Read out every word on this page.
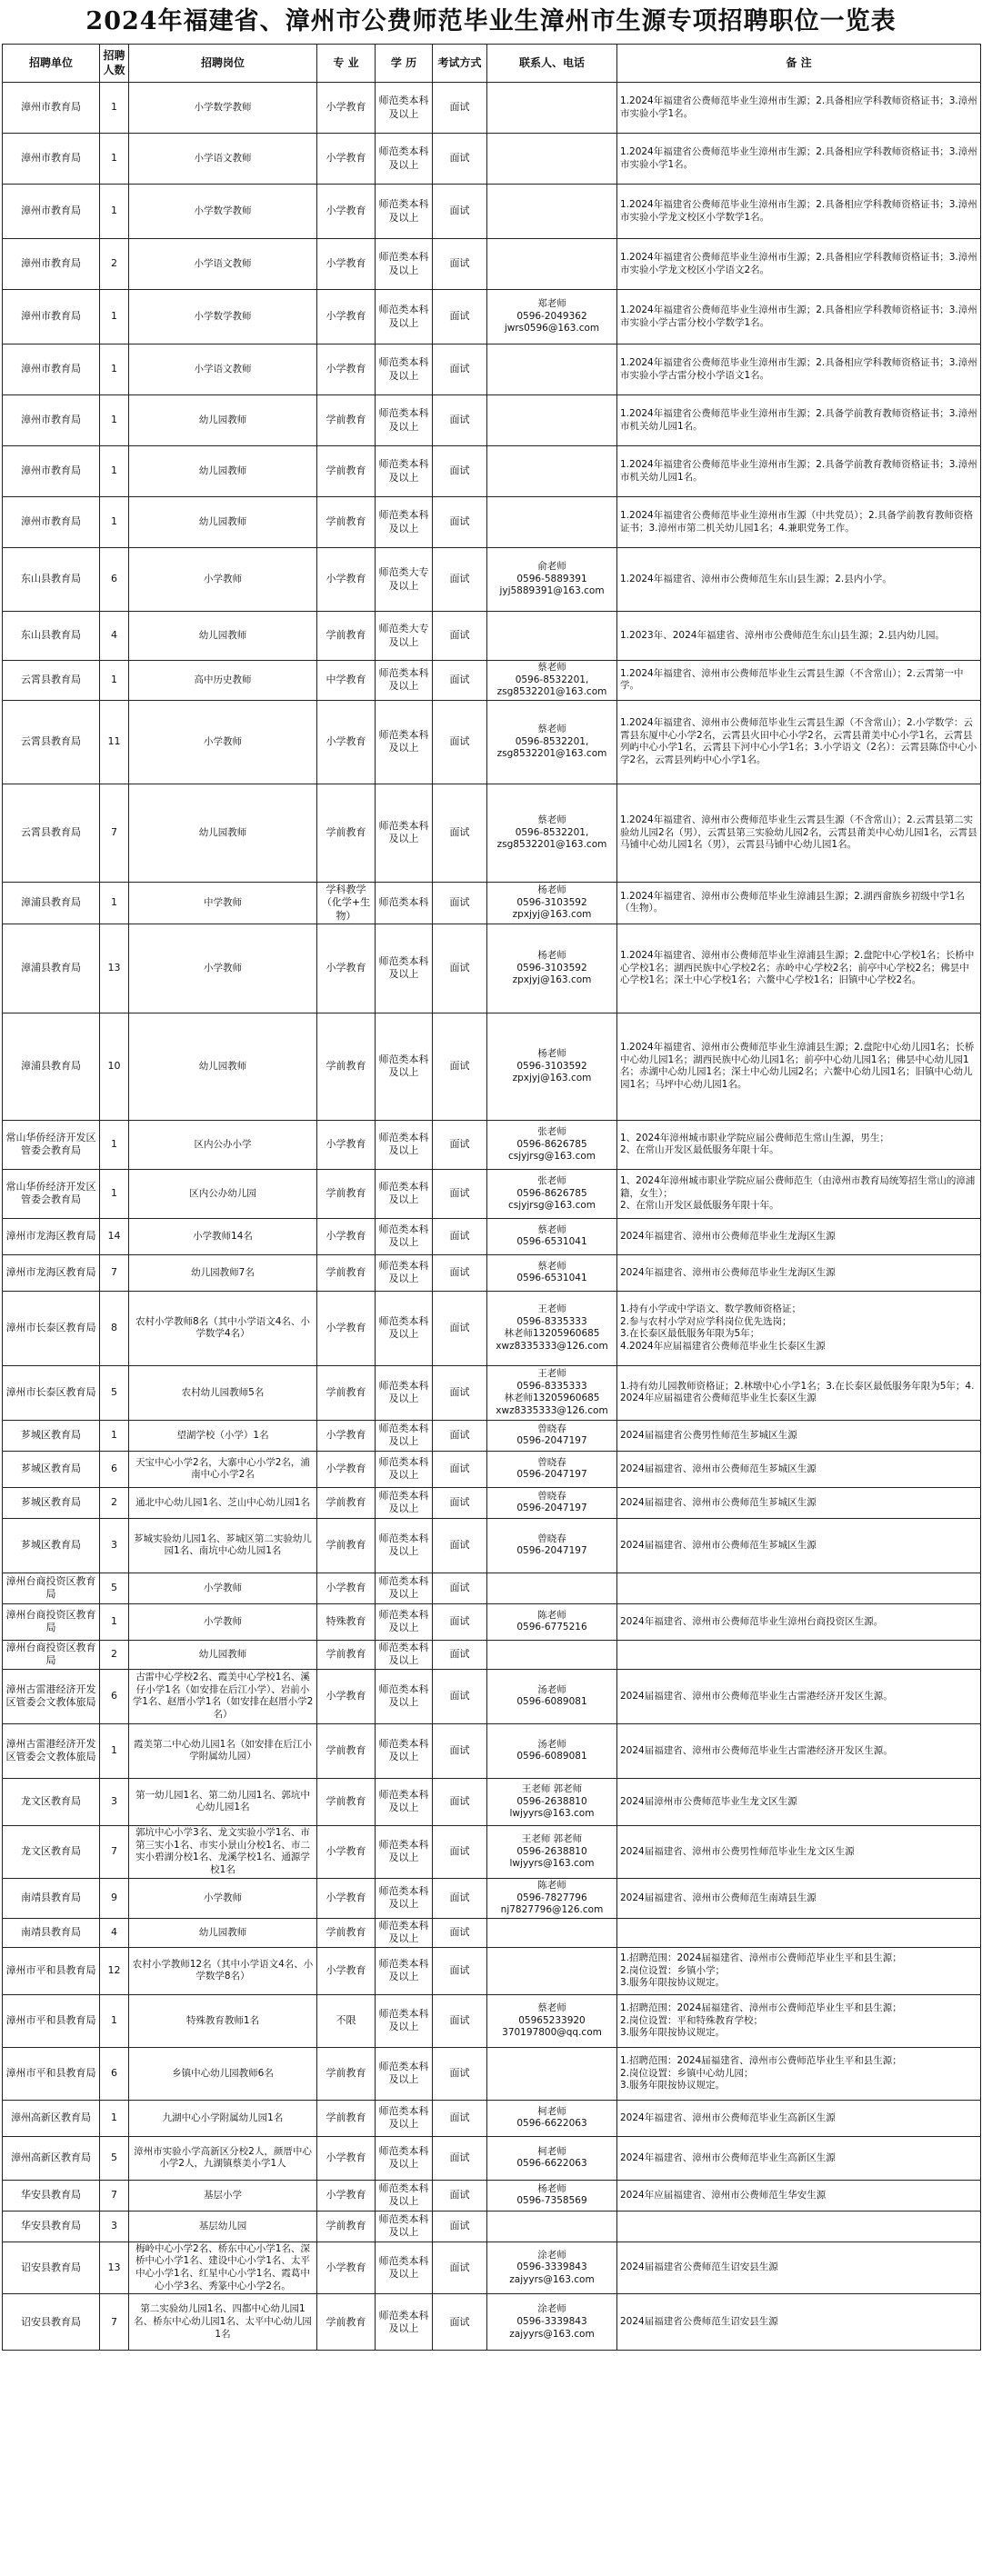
2024年福建省、漳州市公费师范毕业生漳州市生源专项招聘职位一览表
招聘单位	招聘人数	招聘岗位	专 业	学 历	考试方式	联系人、电话	备 注
漳州市教育局	1	小学数学教师	小学教育	师范类本科及以上	面试		1.2024年福建省公费师范毕业生漳州市生源；2.具备相应学科教师资格证书；3.漳州市实验小学1名。
漳州市教育局	1	小学语文教师	小学教育	师范类本科及以上	面试		1.2024年福建省公费师范毕业生漳州市生源；2.具备相应学科教师资格证书；3.漳州市实验小学1名。
漳州市教育局	1	小学数学教师	小学教育	师范类本科及以上	面试		1.2024年福建省公费师范毕业生漳州市生源；2.具备相应学科教师资格证书；3.漳州市实验小学龙文校区小学数学1名。
漳州市教育局	2	小学语文教师	小学教育	师范类本科及以上	面试		1.2024年福建省公费师范毕业生漳州市生源；2.具备相应学科教师资格证书；3.漳州市实验小学龙文校区小学语文2名。
漳州市教育局	1	小学数学教师	小学教育	师范类本科及以上	面试	郑老师
0596-2049362
jwrs0596@163.com	1.2024年福建省公费师范毕业生漳州市生源；2.具备相应学科教师资格证书；3.漳州市实验小学古雷分校小学数学1名。
漳州市教育局	1	小学语文教师	小学教育	师范类本科及以上	面试		1.2024年福建省公费师范毕业生漳州市生源；2.具备相应学科教师资格证书；3.漳州市实验小学古雷分校小学语文1名。
漳州市教育局	1	幼儿园教师	学前教育	师范类本科及以上	面试		1.2024年福建省公费师范毕业生漳州市生源；2.具备学前教育教师资格证书；3.漳州市机关幼儿园1名。
漳州市教育局	1	幼儿园教师	学前教育	师范类本科及以上	面试		1.2024年福建省公费师范毕业生漳州市生源；2.具备学前教育教师资格证书；3.漳州市机关幼儿园1名。
漳州市教育局	1	幼儿园教师	学前教育	师范类本科及以上	面试		1.2024年福建省公费师范毕业生漳州市生源（中共党员）；2.具备学前教育教师资格证书；3.漳州市第二机关幼儿园1名；4.兼职党务工作。
东山县教育局	6	小学教师	小学教育	师范类大专及以上	面试	俞老师
0596-5889391
jyj5889391@163.com	1.2024年福建省、漳州市公费师范生东山县生源；2.县内小学。
东山县教育局	4	幼儿园教师	学前教育	师范类大专及以上	面试		1.2023年、2024年福建省、漳州市公费师范生东山县生源；2.县内幼儿园。
云霄县教育局	1	高中历史教师	中学教育	师范类本科及以上	面试	蔡老师
0596-8532201,
zsg8532201@163.com	1.2024年福建省、漳州市公费师范毕业生云霄县生源（不含常山）；2.云霄第一中学。
云霄县教育局	11	小学教师	小学教育	师范类本科及以上	面试	蔡老师
0596-8532201,
zsg8532201@163.com	1.2024年福建省、漳州市公费师范毕业生云霄县生源（不含常山）；2.小学数学：云霄县东厦中心小学2名，云霄县火田中心小学2名，云霄县莆美中心小学1名，云霄县列屿中心小学1名，云霄县下河中心小学1名；3.小学语文（2名）：云霄县陈岱中心小学2名，云霄县列屿中心小学1名。
云霄县教育局	7	幼儿园教师	学前教育	师范类本科及以上	面试	蔡老师
0596-8532201,
zsg8532201@163.com	1.2024年福建省、漳州市公费师范毕业生云霄县生源（不含常山）；2.云霄县第二实验幼儿园2名（男），云霄县第三实验幼儿园2名，云霄县莆美中心幼儿园1名，云霄县马铺中心幼儿园1名（男），云霄县马铺中心幼儿园1名。
漳浦县教育局	1	中学教师	学科教学（化学+生物）	师范类本科	面试	杨老师
0596-3103592
zpxjyj@163.com	1.2024年福建省、漳州市公费师范毕业生漳浦县生源；2.湖西畲族乡初级中学1名（生物）。
漳浦县教育局	13	小学教师	小学教育	师范类本科及以上	面试	杨老师
0596-3103592
zpxjyj@163.com	1.2024年福建省、漳州市公费师范毕业生漳浦县生源；2.盘陀中心学校1名；长桥中心学校1名；湖西民族中心学校2名；赤岭中心学校2名；前亭中心学校2名；佛昙中心学校1名；深土中心学校1名；六鳌中心学校1名；旧镇中心学校2名。
漳浦县教育局	10	幼儿园教师	学前教育	师范类本科及以上	面试	杨老师
0596-3103592
zpxjyj@163.com	1.2024年福建省、漳州市公费师范毕业生漳浦县生源；2.盘陀中心幼儿园1名；长桥中心幼儿园1名；湖西民族中心幼儿园1名；前亭中心幼儿园1名；佛昙中心幼儿园1名；赤湖中心幼儿园1名；深土中心幼儿园2名；六鳌中心幼儿园1名；旧镇中心幼儿园1名；马坪中心幼儿园1名。
常山华侨经济开发区管委会教育局	1	区内公办小学	小学教育	师范类本科及以上	面试	张老师
0596-8626785
csjyjrsg@163.com	1、2024年漳州城市职业学院应届公费师范生常山生源，男生；
2、在常山开发区最低服务年限十年。
常山华侨经济开发区管委会教育局	1	区内公办幼儿园	学前教育	师范类本科及以上	面试	张老师
0596-8626785
csjyjrsg@163.com	1、2024年漳州城市职业学院应届公费师范生（由漳州市教育局统筹招生常山的漳浦籍，女生）；
2、在常山开发区最低服务年限十年。
漳州市龙海区教育局	14	小学教师14名	小学教育	师范类本科及以上	面试	蔡老师
0596-6531041	2024年福建省、漳州市公费师范毕业生龙海区生源
漳州市龙海区教育局	7	幼儿园教师7名	学前教育	师范类本科及以上	面试	蔡老师
0596-6531041	2024年福建省、漳州市公费师范毕业生龙海区生源
漳州市长泰区教育局	8	农村小学教师8名（其中小学语文4名、小学数学4名）	小学教育	师范类本科及以上	面试	王老师
0596-8335333
林老师13205960685
xwz8335333@126.com	1.持有小学或中学语文、数学教师资格证；
2.参与农村小学对应学科岗位优先选岗；
3.在长泰区最低服务年限为5年；
4.2024年应届福建省公费师范毕业生长泰区生源
漳州市长泰区教育局	5	农村幼儿园教师5名	学前教育	师范类本科及以上	面试	王老师
0596-8335333
林老师13205960685
xwz8335333@126.com	1.持有幼儿园教师资格证；2.林墩中心小学1名；3.在长泰区最低服务年限为5年；4.2024年应届福建省公费师范毕业生长泰区生源
芗城区教育局	1	望湖学校（小学）1名	小学教育	师范类本科及以上	面试	曾晓春
0596-2047197	2024届福建省公费男性师范生芗城区生源
芗城区教育局	6	天宝中心小学2名，大寨中心小学2名，浦南中心小学2名	小学教育	师范类本科及以上	面试	曾晓春
0596-2047197	2024届福建省、漳州市公费师范生芗城区生源
芗城区教育局	2	通北中心幼儿园1名、芝山中心幼儿园1名	学前教育	师范类本科及以上	面试	曾晓春
0596-2047197	2024届福建省、漳州市公费师范生芗城区生源
芗城区教育局	3	芗城实验幼儿园1名、芗城区第二实验幼儿园1名、南坑中心幼儿园1名	学前教育	师范类本科及以上	面试	曾晓春
0596-2047197	2024届福建省、漳州市公费师范生芗城区生源
漳州台商投资区教育局	5	小学教师	小学教育	师范类本科及以上	面试		
漳州台商投资区教育局	1	小学教师	特殊教育	师范类本科及以上	面试	陈老师
0596-6775216	2024年福建省、漳州市公费师范毕业生漳州台商投资区生源。
漳州台商投资区教育局	2	幼儿园教师	学前教育	师范类本科及以上	面试		
漳州古雷港经济开发区管委会文教体旅局	6	古雷中心学校2名、霞美中心学校1名、溪仔小学1名（如安排在后江小学）、岩前小学1名、赵厝小学1名（如安排在赵厝小学2名）	小学教育	师范类本科及以上	面试	汤老师
0596-6089081	2024届福建省、漳州市公费师范毕业生古雷港经济开发区生源。
漳州古雷港经济开发区管委会文教体旅局	1	霞美第二中心幼儿园1名（如安排在后江小学附属幼儿园）	学前教育	师范类本科及以上	面试	汤老师
0596-6089081	2024届福建省、漳州市公费师范毕业生古雷港经济开发区生源。
龙文区教育局	3	第一幼儿园1名、第二幼儿园1名、郭坑中心幼儿园1名	学前教育	师范类本科及以上	面试	王老师 郭老师
0596-2638810
lwjyyrs@163.com	2024届漳州市公费师范毕业生龙文区生源
龙文区教育局	7	郭坑中心小学3名、龙文实验小学1名、市第三实小1名、市实小景山分校1名、市二实小碧湖分校1名、龙溪学校1名、通源学校1名	小学教育	师范类本科及以上	面试	王老师 郭老师
0596-2638810
lwjyyrs@163.com	2024届福建省、漳州市公费男性师范毕业生龙文区生源
南靖县教育局	9	小学教师	小学教育	师范类本科及以上	面试	陈老师
0596-7827796
nj7827796@126.com	2024届福建省、漳州市公费师范生南靖县生源
南靖县教育局	4	幼儿园教师	学前教育	师范类本科及以上	面试		
漳州市平和县教育局	12	农村小学教师12名（其中小学语文4名、小学数学8名）	小学教育	师范类本科及以上	面试		1.招聘范围：2024届福建省、漳州市公费师范毕业生平和县生源；
2.岗位设置：乡镇小学；
3.服务年限按协议规定。
漳州市平和县教育局	1	特殊教育教师1名	不限	师范类本科及以上	面试	蔡老师
05965233920
370197800@qq.com	1.招聘范围：2024届福建省、漳州市公费师范毕业生平和县生源；
2.岗位设置：平和特殊教育学校；
3.服务年限按协议规定。
漳州市平和县教育局	6	乡镇中心幼儿园教师6名	学前教育	师范类本科及以上	面试		1.招聘范围：2024届福建省、漳州市公费师范毕业生平和县生源；
2.岗位设置：乡镇中心幼儿园；
3.服务年限按协议规定。
漳州高新区教育局	1	九湖中心小学附属幼儿园1名	学前教育	师范类本科及以上	面试	柯老师
0596-6622063	2024年福建省、漳州市公费师范毕业生高新区生源
漳州高新区教育局	5	漳州市实验小学高新区分校2人，颜厝中心小学2人，九湖镇蔡美小学1人	小学教育	师范类本科及以上	面试	柯老师
0596-6622063	2024年福建省、漳州市公费师范毕业生高新区生源
华安县教育局	7	基层小学	小学教育	师范类本科及以上	面试	杨老师
0596-7358569	2024年应届福建省、漳州市公费师范生华安生源
华安县教育局	3	基层幼儿园	学前教育	师范类本科及以上	面试		
诏安县教育局	13	梅岭中心小学2名、桥东中心小学1名、深桥中心小学1名、建设中心小学1名、太平中心小学1名、红星中心小学1名、霞葛中心小学3名、秀篆中心小学2名。	小学教育	师范类本科及以上	面试	涂老师
0596-3339843
zajyyrs@163.com	2024届福建省公费师范生诏安县生源
诏安县教育局	7	第二实验幼儿园1名、四都中心幼儿园1名、桥东中心幼儿园1名、太平中心幼儿园1名	学前教育	师范类本科及以上	面试	涂老师
0596-3339843
zajyyrs@163.com	2024届福建省公费师范生诏安县生源
